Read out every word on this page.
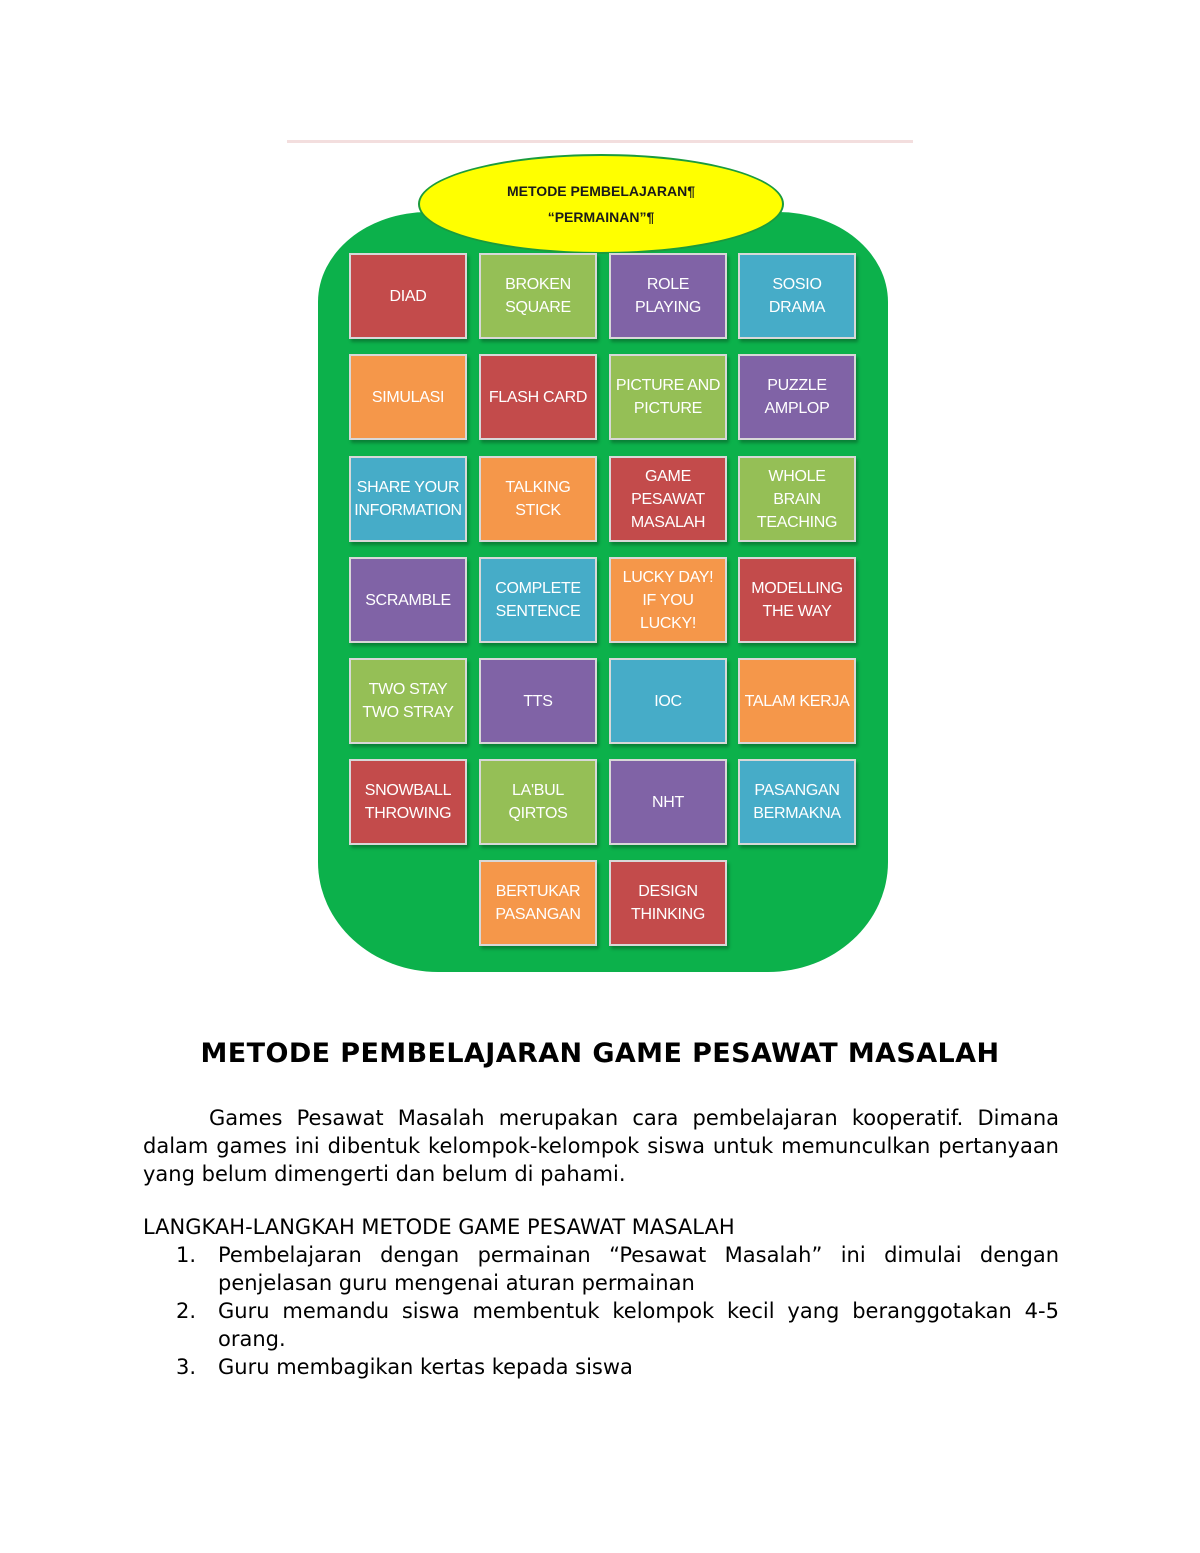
METODE PEMBELAJARAN¶
“PERMAINAN”¶
DIAD
BROKEN SQUARE
ROLE PLAYING
SOSIO DRAMA
SIMULASI	FLASH CARD
PICTURE AND PICTURE
PUZZLE AMPLOP
SHARE YOUR INFORMATION
TALKING STICK
GAME PESAWAT MASALAH
WHOLE BRAIN TEACHING
SCRAMBLE
COMPLETE SENTENCE
LUCKY DAY! IF YOU LUCKY!
MODELLING THE WAY
TWO STAY TWO STRAY
TTS	IOC	TALAM KERJA
SNOWBALL THROWING
LA'BUL QIRTOS
NHT
PASANGAN BERMAKNA
BERTUKAR PASANGAN
DESIGN THINKING
METODE PEMBELAJARAN GAME PESAWAT MASALAH

Games Pesawat Masalah merupakan cara pembelajaran kooperatif. Dimana dalam games ini dibentuk kelompok-kelompok siswa untuk memunculkan pertanyaan yang belum dimengerti dan belum di pahami.

LANGKAH-LANGKAH METODE GAME PESAWAT MASALAH
1. Pembelajaran dengan permainan “Pesawat Masalah” ini dimulai dengan penjelasan guru mengenai aturan permainan
2. Guru memandu siswa membentuk kelompok kecil yang beranggotakan 4-5 orang.
3. Guru membagikan kertas kepada siswa
